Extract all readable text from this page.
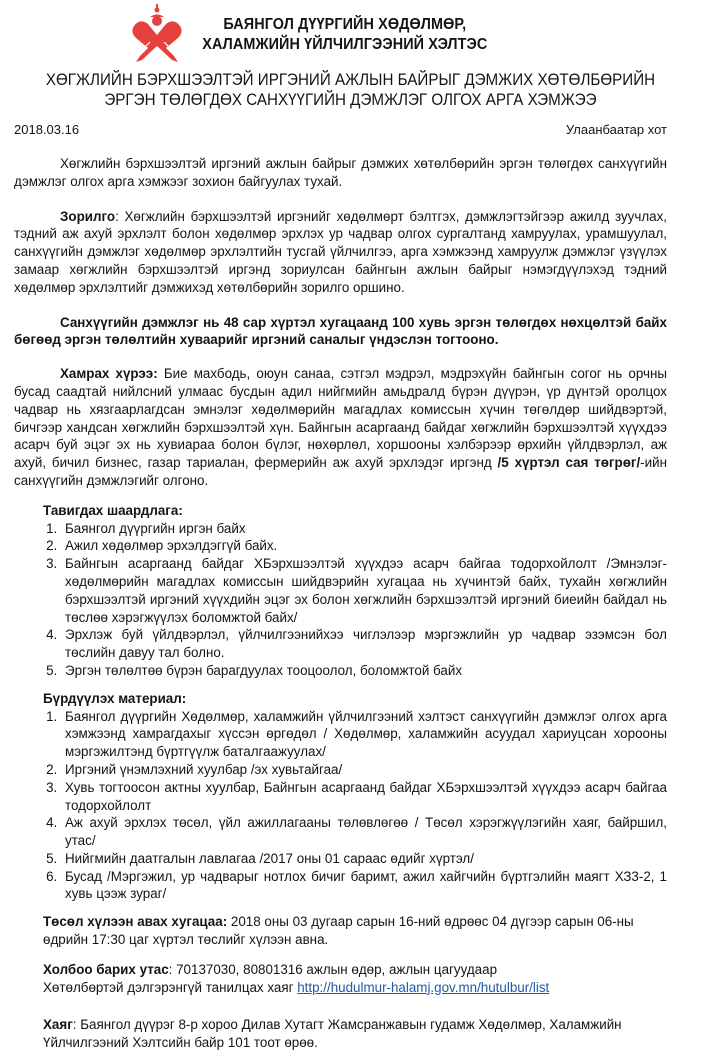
БАЯНГОЛ ДҮҮРГИЙН ХӨДӨЛМӨР,
ХАЛАМЖИЙН ҮЙЛЧИЛГЭЭНИЙ ХЭЛТЭС
ХӨГЖЛИЙН БЭРХШЭЭЛТЭЙ ИРГЭНИЙ АЖЛЫН БАЙРЫГ ДЭМЖИХ ХӨТӨЛБӨРИЙН
ЭРГЭН ТӨЛӨГДӨХ САНХҮҮГИЙН ДЭМЖЛЭГ ОЛГОХ АРГА ХЭМЖЭЭ
2018.03.16	Улаанбаатар хот

Хөгжлийн бэрхшээлтэй иргэний ажлын байрыг дэмжих хөтөлбөрийн эргэн төлөгдөх санхүүгийн дэмжлэг олгох арга хэмжээг зохион байгуулах тухай.

Зорилго: Хөгжлийн бэрхшээлтэй иргэнийг хөдөлмөрт бэлтгэх, дэмжлэгтэйгээр ажилд зуучлах, тэдний аж ахуй эрхлэлт болон хөдөлмөр эрхлэх ур чадвар олгох сургалтанд хамруулах, урамшуулал, санхүүгийн дэмжлэг хөдөлмөр эрхлэлтийн тусгай үйлчилгээ, арга хэмжээнд хамруулж дэмжлэг үзүүлэх замаар хөгжлийн бэрхшээлтэй иргэнд зориулсан байнгын ажлын байрыг нэмэгдүүлэхэд тэдний хөдөлмөр эрхлэлтийг дэмжихэд хөтөлбөрийн зорилго оршино.

Санхүүгийн дэмжлэг нь 48 сар хүртэл хугацаанд 100 хувь эргэн төлөгдөх нөхцөлтэй байх бөгөөд эргэн төлөлтийн хуваарийг иргэний саналыг үндэслэн тогтооно.

Хамрах хүрээ: Бие махбодь, оюун санаа, сэтгэл мэдрэл, мэдрэхүйн байнгын согог нь орчны бусад саадтай нийлсний улмаас бусдын адил нийгмийн амьдралд бүрэн дүүрэн, үр дүнтэй оролцох чадвар нь хязгаарлагдсан эмнэлэг хөдөлмөрийн магадлах комиссын хүчин төгөлдөр шийдвэртэй, бичгээр хандсан хөгжлийн бэрхшээлтэй хүн. Байнгын асаргаанд байдаг хөгжлийн бэрхшээлтэй хүүхдээ асарч буй эцэг эх нь хувиараа болон бүлэг, нөхөрлөл, хоршооны хэлбэрээр өрхийн үйлдвэрлэл, аж ахуй, бичил бизнес, газар тариалан, фермерийн аж ахуй эрхлэдэг иргэнд /5 хүртэл сая төгрөг/-ийн санхүүгийн дэмжлэгийг олгоно.

Тавигдах шаардлага:
1. Баянгол дүүргийн иргэн байх
2. Ажил хөдөлмөр эрхэлдэггүй байх.
3. Байнгын асаргаанд байдаг ХБэрхшээлтэй хүүхдээ асарч байгаа тодорхойлолт /Эмнэлэг-хөдөлмөрийн магадлах комиссын шийдвэрийн хугацаа нь хүчинтэй байх, тухайн хөгжлийн бэрхшээлтэй иргэний хүүхдийн эцэг эх болон хөгжлийн бэрхшээлтэй иргэний биеийн байдал нь төслөө хэрэгжүүлэх боломжтой байх/
4. Эрхлэж буй үйлдвэрлэл, үйлчилгээнийхээ чиглэлээр мэргэжлийн ур чадвар эзэмсэн бол төслийн давуу тал болно.
5. Эргэн төлөлтөө бүрэн барагдуулах тооцоолол, боломжтой байх
Бүрдүүлэх материал:
1. Баянгол дүүргийн Хөдөлмөр, халамжийн үйлчилгээний хэлтэст санхүүгийн дэмжлэг олгох арга хэмжээнд хамрагдахыг хүссэн өргөдөл / Хөдөлмөр, халамжийн асуудал хариуцсан хорооны мэргэжилтэнд бүртгүүлж баталгаажуулах/
2. Иргэний үнэмлэхний хуулбар /эх хувьтайгаа/
3. Хувь тогтоосон актны хуулбар, Байнгын асаргаанд байдаг ХБэрхшээлтэй хүүхдээ асарч байгаа тодорхойлолт
4. Аж ахуй эрхлэх төсөл, үйл ажиллагааны төлөвлөгөө / Төсөл хэрэгжүүлэгийн хаяг, байршил, утас/
5. Нийгмийн даатгалын лавлагаа /2017 оны 01 сараас өдийг хүртэл/
6. Бусад /Мэргэжил, ур чадварыг нотлох бичиг баримт, ажил хайгчийн бүртгэлийн маягт ХЗ3-2, 1 хувь цээж зураг/

Төсөл хүлээн авах хугацаа: 2018 оны 03 дугаар сарын 16-ний өдрөөс 04 дүгээр сарын 06-ны өдрийн 17:30 цаг хүртэл төслийг хүлээн авна.

Холбоо барих утас: 70137030, 80801316 ажлын өдөр, ажлын цагуудаар

Хөтөлбөртэй дэлгэрэнгүй танилцах хаяг http://hudulmur-halamj.gov.mn/hutulbur/list

Хаяг: Баянгол дүүрэг 8-р хороо Дилав Хутагт Жамсранжавын гудамж Хөдөлмөр, Халамжийн Үйлчилгээний Хэлтсийн байр 101 тоот өрөө.
